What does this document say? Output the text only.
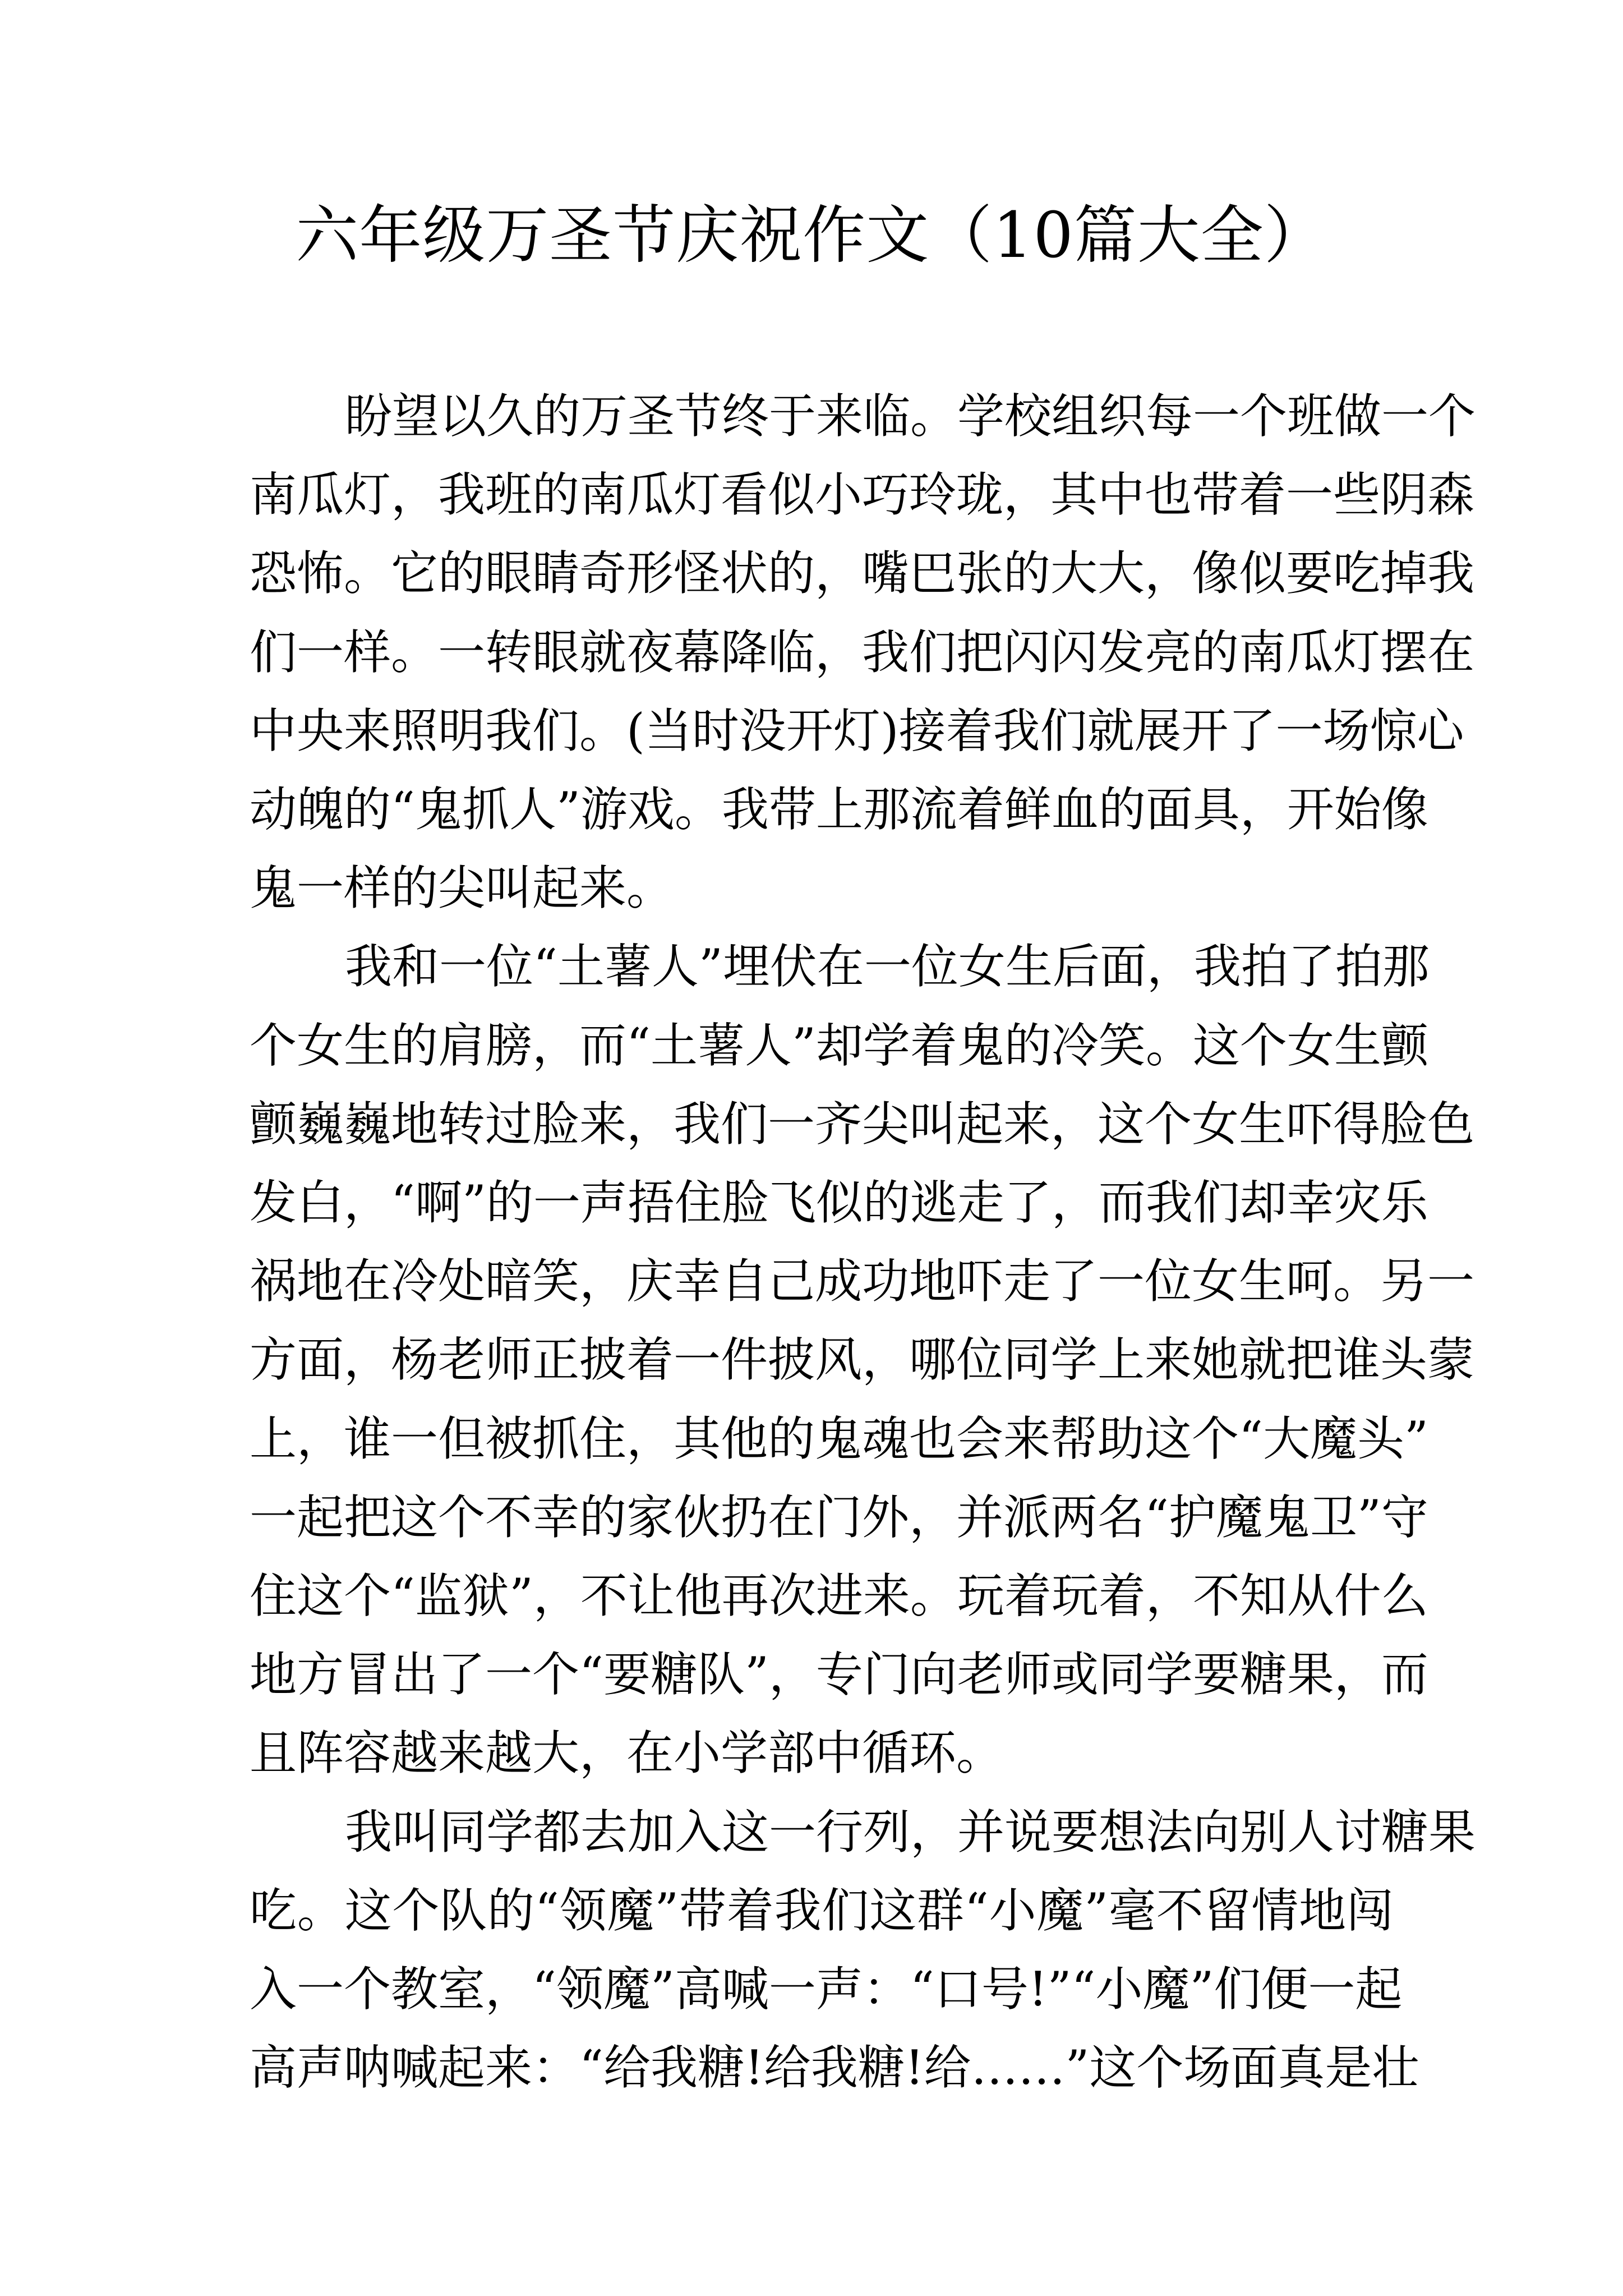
六年级万圣节庆祝作文（10篇大全）

盼望以久的万圣节终于来临。学校组织每一个班做一个
南瓜灯，我班的南瓜灯看似小巧玲珑，其中也带着一些阴森
恐怖。它的眼睛奇形怪状的，嘴巴张的大大，像似要吃掉我
们一样。一转眼就夜幕降临，我们把闪闪发亮的南瓜灯摆在
中央来照明我们。(当时没开灯)接着我们就展开了一场惊心
动魄的“鬼抓人”游戏。我带上那流着鲜血的面具，开始像
鬼一样的尖叫起来。

我和一位“土薯人”埋伏在一位女生后面，我拍了拍那
个女生的肩膀，而“土薯人”却学着鬼的冷笑。这个女生颤
颤巍巍地转过脸来，我们一齐尖叫起来，这个女生吓得脸色
发白，“啊”的一声捂住脸飞似的逃走了，而我们却幸灾乐
祸地在冷处暗笑，庆幸自己成功地吓走了一位女生呵。另一
方面，杨老师正披着一件披风，哪位同学上来她就把谁头蒙
上，谁一但被抓住，其他的鬼魂也会来帮助这个“大魔头”
一起把这个不幸的家伙扔在门外，并派两名“护魔鬼卫”守
住这个“监狱”，不让他再次进来。玩着玩着，不知从什么
地方冒出了一个“要糖队”，专门向老师或同学要糖果，而
且阵容越来越大，在小学部中循环。

我叫同学都去加入这一行列，并说要想法向别人讨糖果
吃。这个队的“领魔”带着我们这群“小魔”毫不留情地闯
入一个教室，“领魔”高喊一声：“口号!”“小魔”们便一起
高声呐喊起来：“给我糖!给我糖!给……”这个场面真是壮
